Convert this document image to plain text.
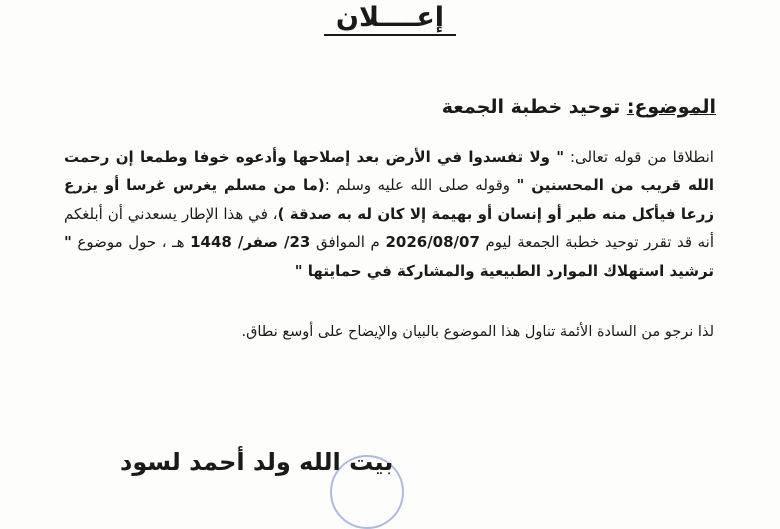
إعــــلان

الموضوع: توحيد خطبة الجمعة

انطلاقا من قوله تعالى: " ولا تفسدوا في الأرض بعد إصلاحها وأدعوه خوفا وطمعا إن رحمت الله قريب من المحسنين " وقوله صلى الله عليه وسلم :(ما من مسلم يغرس غرسا أو يزرع زرعا فيأكل منه طير أو إنسان أو بهيمة إلا كان له به صدقة )، في هذا الإطار يسعدني أن أبلغكم أنه قد تقرر توحيد خطبة الجمعة ليوم 2026/08/07 م الموافق 23/ صفر/ 1448 هـ ، حول موضوع " ترشيد استهلاك الموارد الطبيعية والمشاركة في حمايتها "

لذا نرجو من السادة الأئمة تناول هذا الموضوع بالبيان والإيضاح على أوسع نطاق.

بيت الله ولد أحمد لسود
